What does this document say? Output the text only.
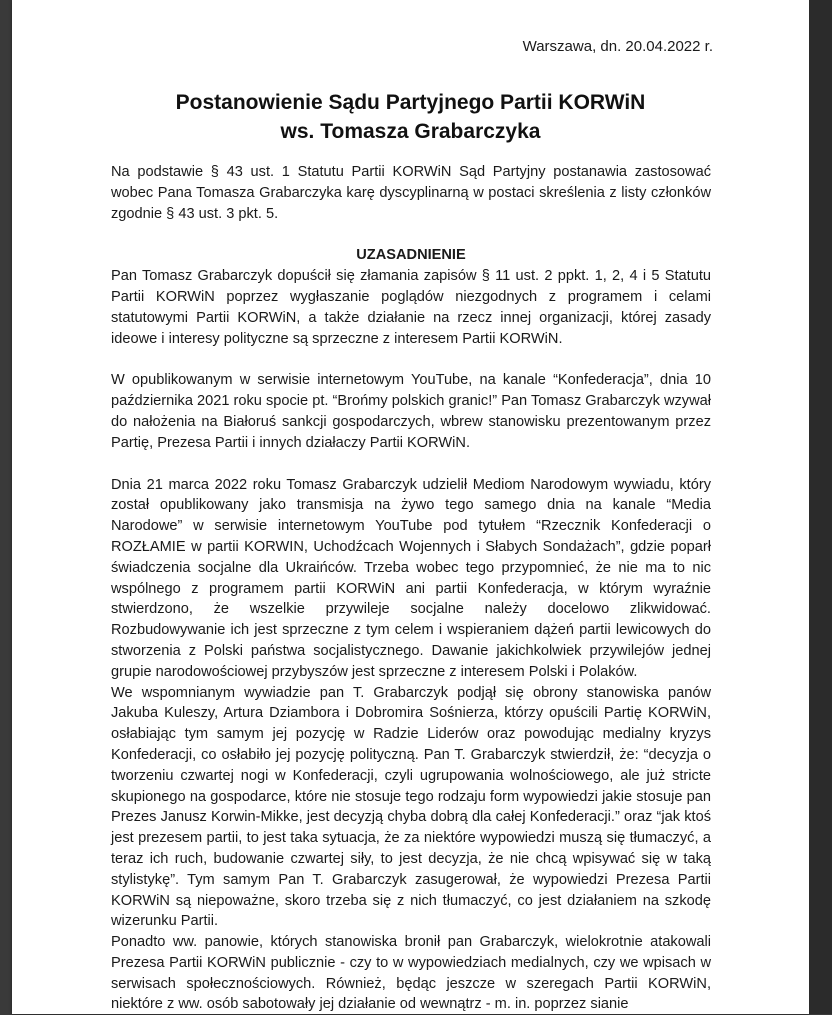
Warszawa, dn. 20.04.2022 r.
Postanowienie Sądu Partyjnego Partii KORWiN
ws. Tomasza Grabarczyka

Na podstawie § 43 ust. 1 Statutu Partii KORWiN Sąd Partyjny postanawia zastosować wobec Pana Tomasza Grabarczyka karę dyscyplinarną w postaci skreślenia z listy członków zgodnie § 43 ust. 3 pkt. 5.

UZASADNIENIE

Pan Tomasz Grabarczyk dopuścił się złamania zapisów § 11 ust. 2 ppkt. 1, 2, 4 i 5 Statutu Partii KORWiN poprzez wygłaszanie poglądów niezgodnych z programem i celami statutowymi Partii KORWiN, a także działanie na rzecz innej organizacji, której zasady ideowe i interesy polityczne są sprzeczne z interesem Partii KORWiN.

W opublikowanym w serwisie internetowym YouTube, na kanale “Konfederacja”, dnia 10 października 2021 roku spocie pt. “Brońmy polskich granic!” Pan Tomasz Grabarczyk wzywał do nałożenia na Białoruś sankcji gospodarczych, wbrew stanowisku prezentowanym przez Partię, Prezesa Partii i innych działaczy Partii KORWiN.

Dnia 21 marca 2022 roku Tomasz Grabarczyk udzielił Mediom Narodowym wywiadu, który został opublikowany jako transmisja na żywo tego samego dnia na kanale “Media Narodowe” w serwisie internetowym YouTube pod tytułem “Rzecznik Konfederacji o ROZŁAMIE w partii KORWIN, Uchodźcach Wojennych i Słabych Sondażach”, gdzie poparł świadczenia socjalne dla Ukraińców. Trzeba wobec tego przypomnieć, że nie ma to nic wspólnego z programem partii KORWiN ani partii Konfederacja, w którym wyraźnie stwierdzono, że wszelkie przywileje socjalne należy docelowo zlikwidować. Rozbudowywanie ich jest sprzeczne z tym celem i wspieraniem dążeń partii lewicowych do stworzenia z Polski państwa socjalistycznego. Dawanie jakichkolwiek przywilejów jednej grupie narodowościowej przybyszów jest sprzeczne z interesem Polski i Polaków.

We wspomnianym wywiadzie pan T. Grabarczyk podjął się obrony stanowiska panów Jakuba Kuleszy, Artura Dziambora i Dobromira Sośnierza, którzy opuścili Partię KORWiN, osłabiając tym samym jej pozycję w Radzie Liderów oraz powodując medialny kryzys Konfederacji, co osłabiło jej pozycję polityczną. Pan T. Grabarczyk stwierdził, że: “decyzja o tworzeniu czwartej nogi w Konfederacji, czyli ugrupowania wolnościowego, ale już stricte skupionego na gospodarce, które nie stosuje tego rodzaju form wypowiedzi jakie stosuje pan Prezes Janusz Korwin-Mikke, jest decyzją chyba dobrą dla całej Konfederacji.” oraz “jak ktoś jest prezesem partii, to jest taka sytuacja, że za niektóre wypowiedzi muszą się tłumaczyć, a teraz ich ruch, budowanie czwartej siły, to jest decyzja, że nie chcą wpisywać się w taką stylistykę”. Tym samym Pan T. Grabarczyk zasugerował, że wypowiedzi Prezesa Partii KORWiN są niepoważne, skoro trzeba się z nich tłumaczyć, co jest działaniem na szkodę wizerunku Partii.

Ponadto ww. panowie, których stanowiska bronił pan Grabarczyk, wielokrotnie atakowali Prezesa Partii KORWiN publicznie - czy to w wypowiedziach medialnych, czy we wpisach w serwisach społecznościowych. Również, będąc jeszcze w szeregach Partii KORWiN, niektóre z ww. osób sabotowały jej działanie od wewnątrz - m. in. poprzez sianie
